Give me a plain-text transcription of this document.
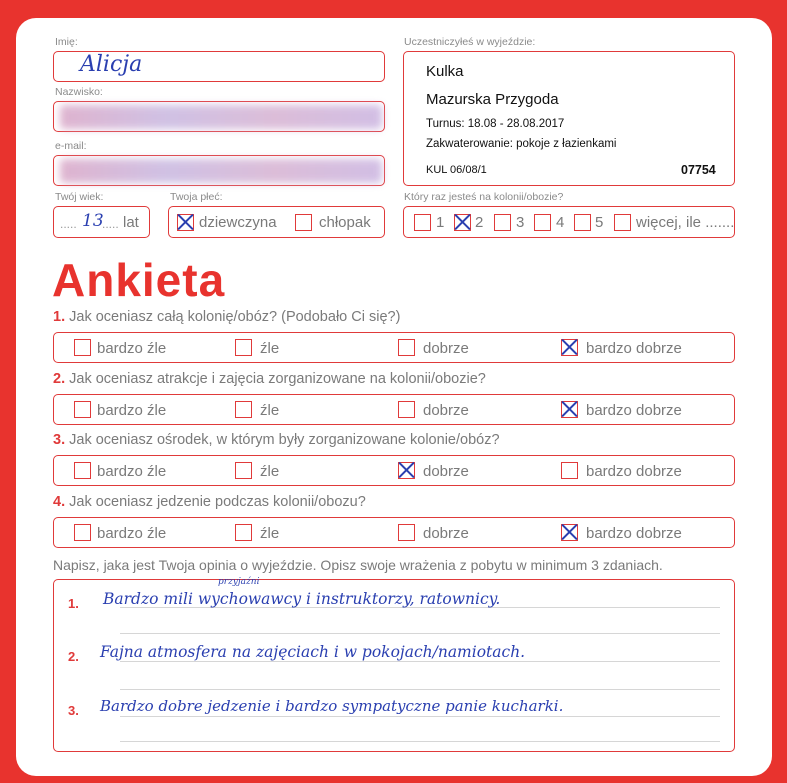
Imię:
Alicja
Nazwisko:
e-mail:
Twój wiek:
..... 13
..... lat
Twoja płeć:
dziewczyna	chłopak
Uczestniczyłeś w wyjeździe:
Kulka
Mazurska Przygoda
Turnus: 18.08 - 28.08.2017
Zakwaterowanie: pokoje z łazienkami
KUL 06/08/1	07754
Który raz jesteś na kolonii/obozie?
1 2 3 4 5 więcej, ile .......
Ankieta
1. Jak oceniasz całą kolonię/obóz? (Podobało Ci się?)
bardzo źle	źle	dobrze	bardzo dobrze
2. Jak oceniasz atrakcje i zajęcia zorganizowane na kolonii/obozie?
bardzo źle	źle	dobrze	bardzo dobrze
3. Jak oceniasz ośrodek, w którym były zorganizowane kolonie/obóz?
bardzo źle	źle	dobrze	bardzo dobrze
4. Jak oceniasz jedzenie podczas kolonii/obozu?
bardzo źle	źle	dobrze	bardzo dobrze
Napisz, jaka jest Twoja opinia o wyjeździe. Opisz swoje wrażenia z pobytu w minimum 3 zdaniach.
1. Bardzo mili wychowawcy i instruktorzy, ratownicy.
przyjaźni
2. Fajna atmosfera na zajęciach i w pokojach/namiotach.
3. Bardzo dobre jedzenie i bardzo sympatyczne panie kucharki.
